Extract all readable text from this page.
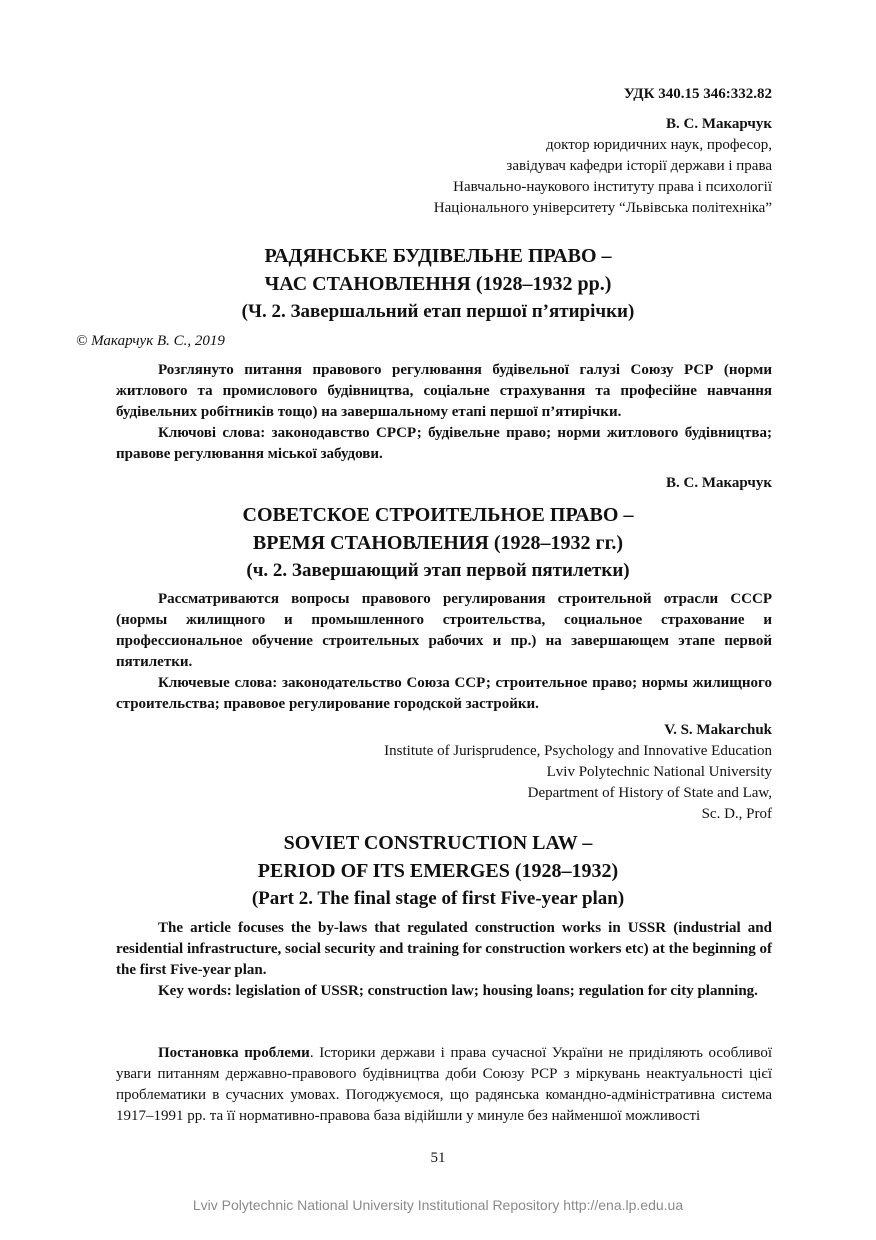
УДК 340.15 346:332.82
В. С. Макарчук
доктор юридичних наук, професор,
завідувач кафедри історії держави і права
Навчально-наукового інституту права і психології
Національного університету “Львівська політехніка”
РАДЯНСЬКЕ БУДІВЕЛЬНЕ ПРАВО –
ЧАС СТАНОВЛЕННЯ (1928–1932 рр.)
(Ч. 2. Завершальний етап першої п’ятирічки)
© Макарчук В. С., 2019

Розглянуто питання правового регулювання будівельної галузі Союзу РСР (норми житлового та промислового будівництва, соціальне страхування та професійне навчання будівельних робітників тощо) на завершальному етапі першої п’ятирічки.

Ключові слова: законодавство СРСР; будівельне право; норми житлового будівництва; правове регулювання міської забудови.

В. С. Макарчук
СОВЕТСКОЕ СТРОИТЕЛЬНОЕ ПРАВО –
ВРЕМЯ СТАНОВЛЕНИЯ (1928–1932 гг.)
(ч. 2. Завершающий этап первой пятилетки)

Рассматриваются вопросы правового регулирования строительной отрасли СССР (нормы жилищного и промышленного строительства, социальное страхование и профессиональное обучение строительных рабочих и пр.) на завершающем этапе первой пятилетки.

Ключевые слова: законодательство Союза ССР; строительное право; нормы жилищного строительства; правовое регулирование городской застройки.

V. S. Makarchuk
Institute of Jurisprudence, Psychology and Innovative Education
Lviv Polytechnic National University
Department of History of State and Law,
Sc. D., Prof
SOVIET CONSTRUCTION LAW –
PERIOD OF ITS EMERGES (1928–1932)
(Part 2. The final stage of first Five-year plan)

The article focuses the by-laws that regulated construction works in USSR (industrial and residential infrastructure, social security and training for construction workers etc) at the beginning of the first Five-year plan.

Key words: legislation of USSR; construction law; housing loans; regulation for city planning.

Постановка проблеми. Історики держави і права сучасної України не приділяють особливої уваги питанням державно-правового будівництва доби Союзу РСР з міркувань неактуальності цієї проблематики в сучасних умовах. Погоджуємося, що радянська командно-адміністративна система 1917–1991 рр. та її нормативно-правова база відійшли у минуле без найменшої можливості

51
Lviv Polytechnic National University Institutional Repository http://ena.lp.edu.ua
